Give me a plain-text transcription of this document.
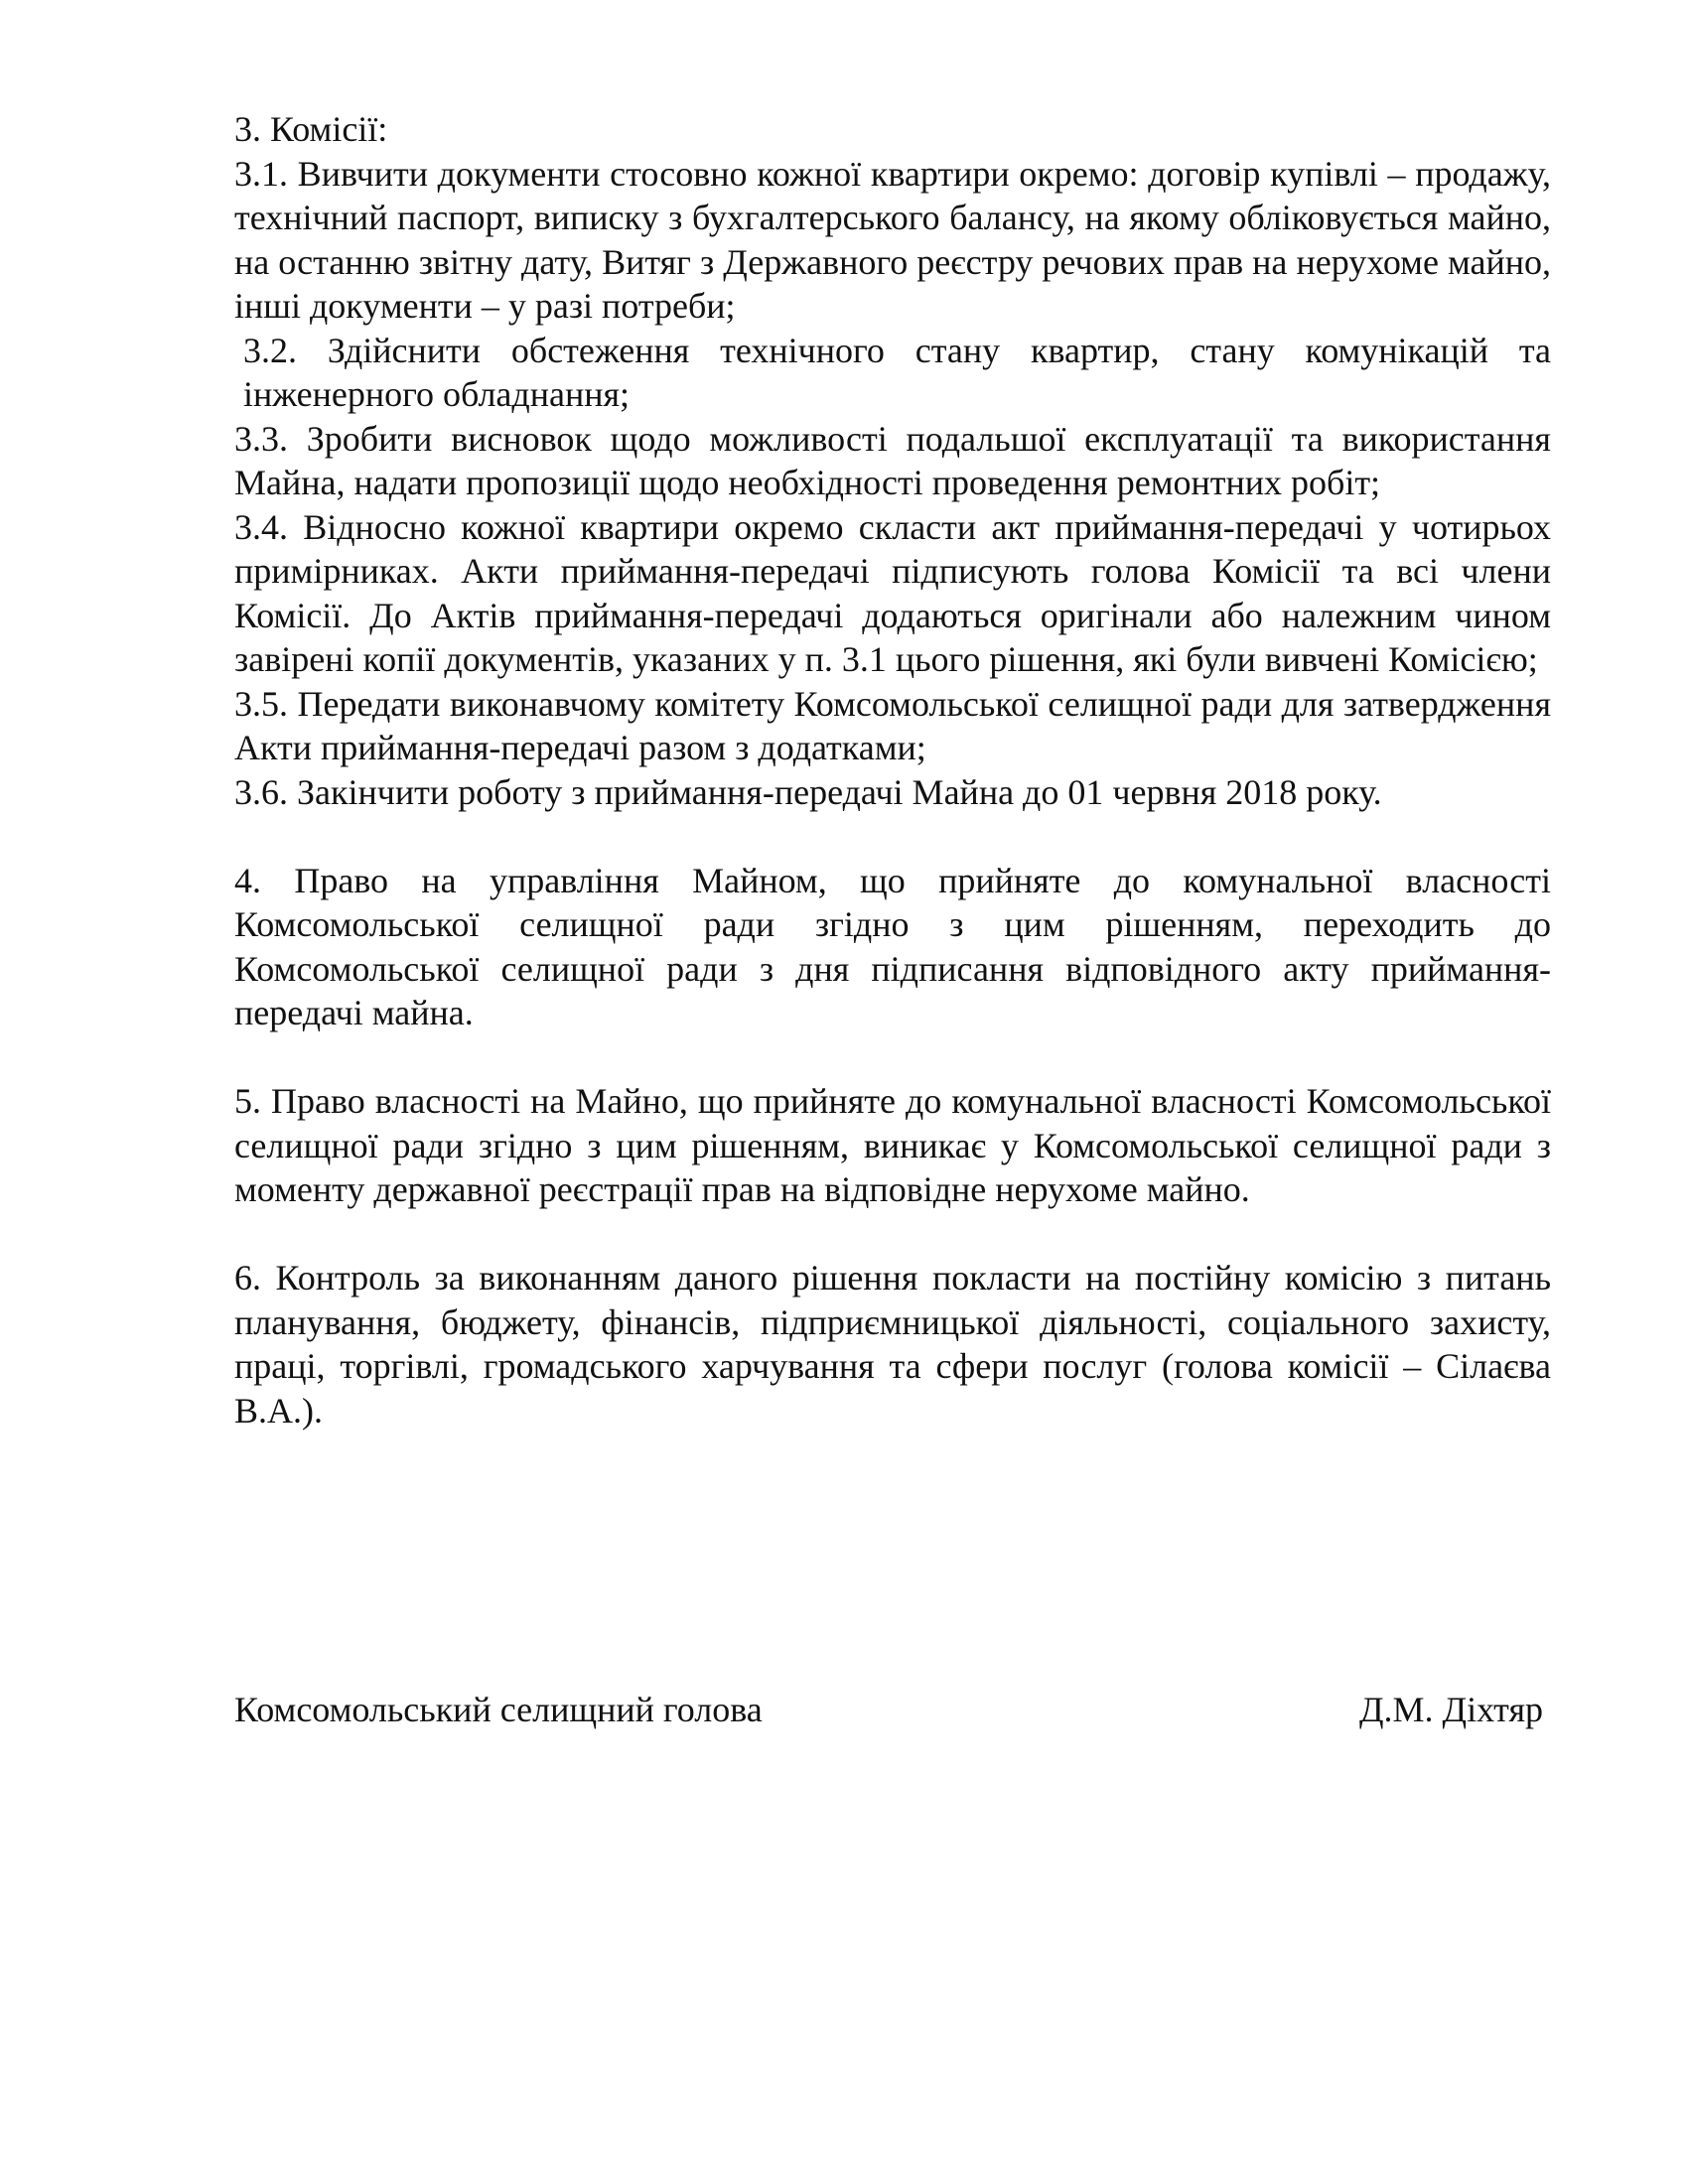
3. Комісії:

3.1. Вивчити документи стосовно кожної квартири окремо: договір купівлі – продажу, технічний паспорт, виписку з бухгалтерського балансу, на якому обліковується майно, на останню звітну дату, Витяг з Державного реєстру речових прав на нерухоме майно, інші документи – у разі потреби;

3.2. Здійснити обстеження технічного стану квартир, стану комунікацій та інженерного обладнання;

3.3. Зробити висновок щодо можливості подальшої експлуатації та використання Майна, надати пропозиції щодо необхідності проведення ремонтних робіт;

3.4. Відносно кожної квартири окремо скласти акт приймання-передачі у чотирьох примірниках. Акти приймання-передачі підписують голова Комісії та всі члени Комісії. До Актів приймання-передачі додаються оригінали або належним чином завірені копії документів, указаних у п. 3.1 цього рішення, які були вивчені Комісією;

3.5. Передати виконавчому комітету Комсомольської селищної ради для затвердження Акти приймання-передачі разом з додатками;

3.6. Закінчити роботу з приймання-передачі Майна до 01 червня 2018 року.

4. Право на управління Майном, що прийняте до комунальної власності Комсомольської селищної ради згідно з цим рішенням, переходить до Комсомольської селищної ради з дня підписання відповідного акту приймання-передачі майна.

5. Право власності на Майно, що прийняте до комунальної власності Комсомольської селищної ради згідно з цим рішенням, виникає у Комсомольської селищної ради з моменту державної реєстрації прав на відповідне нерухоме майно.

6. Контроль за виконанням даного рішення покласти на постійну комісію з питань планування, бюджету, фінансів, підприємницької діяльності, соціального захисту, праці, торгівлі, громадського харчування та сфери послуг (голова комісії – Сілаєва В.А.).

Комсомольський селищний голова	Д.М. Діхтяр
